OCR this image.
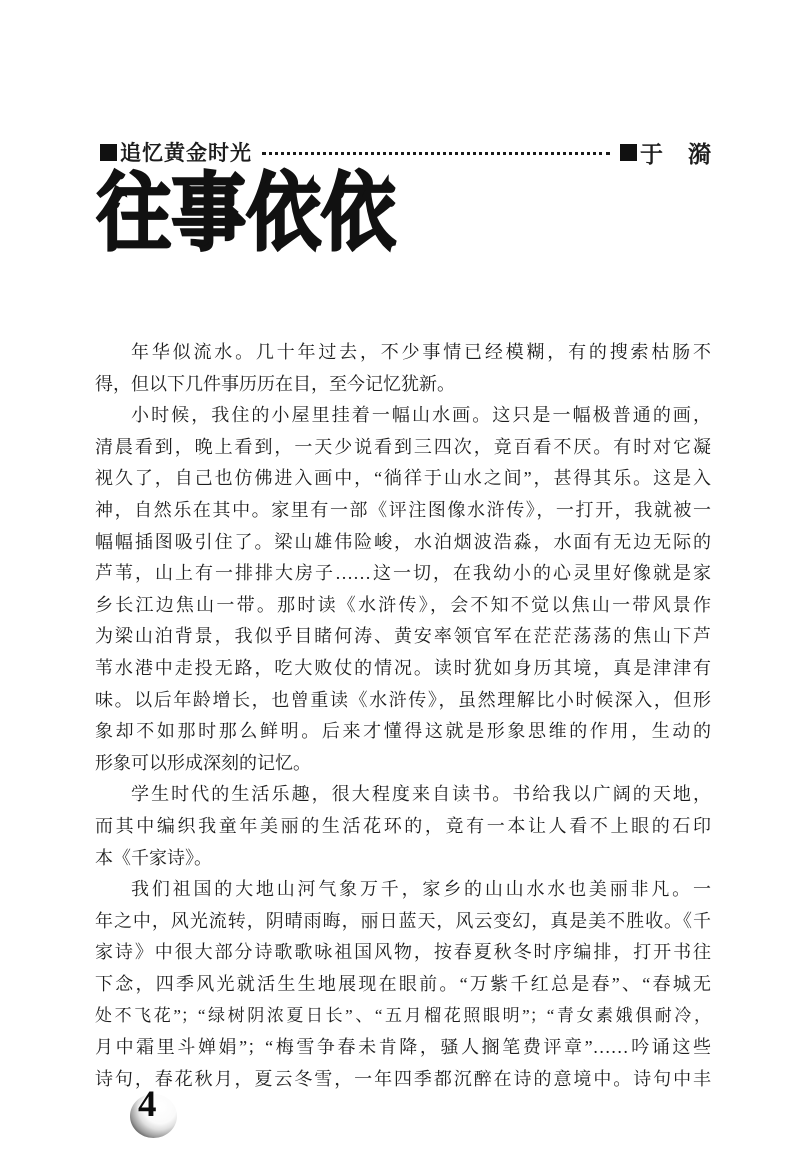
追忆黄金时光	于　漪
往事依依
年华似流水。几十年过去，不少事情已经模糊，有的搜索枯肠不
得，但以下几件事历历在目，至今记忆犹新。
小时候，我住的小屋里挂着一幅山水画。这只是一幅极普通的画，
清晨看到，晚上看到，一天少说看到三四次，竟百看不厌。有时对它凝
视久了，自己也仿佛进入画中，“徜徉于山水之间”，甚得其乐。这是入
神，自然乐在其中。家里有一部《评注图像水浒传》，一打开，我就被一
幅幅插图吸引住了。梁山雄伟险峻，水泊烟波浩淼，水面有无边无际的
芦苇，山上有一排排大房子……这一切，在我幼小的心灵里好像就是家
乡长江边焦山一带。那时读《水浒传》，会不知不觉以焦山一带风景作
为梁山泊背景，我似乎目睹何涛、黄安率领官军在茫茫荡荡的焦山下芦
苇水港中走投无路，吃大败仗的情况。读时犹如身历其境，真是津津有
味。以后年龄增长，也曾重读《水浒传》，虽然理解比小时候深入，但形
象却不如那时那么鲜明。后来才懂得这就是形象思维的作用，生动的
形象可以形成深刻的记忆。
学生时代的生活乐趣，很大程度来自读书。书给我以广阔的天地，
而其中编织我童年美丽的生活花环的，竟有一本让人看不上眼的石印
本《千家诗》。
我们祖国的大地山河气象万千，家乡的山山水水也美丽非凡。一
年之中，风光流转，阴晴雨晦，丽日蓝天，风云变幻，真是美不胜收。《千
家诗》中很大部分诗歌歌咏祖国风物，按春夏秋冬时序编排，打开书往
下念，四季风光就活生生地展现在眼前。“万紫千红总是春”、“春城无
处不飞花”；“绿树阴浓夏日长”、“五月榴花照眼明”；“青女素娥俱耐冷，
月中霜里斗婵娟”；“梅雪争春未肯降，骚人搁笔费评章”……吟诵这些
诗句，春花秋月，夏云冬雪，一年四季都沉醉在诗的意境中。诗句中丰
4
